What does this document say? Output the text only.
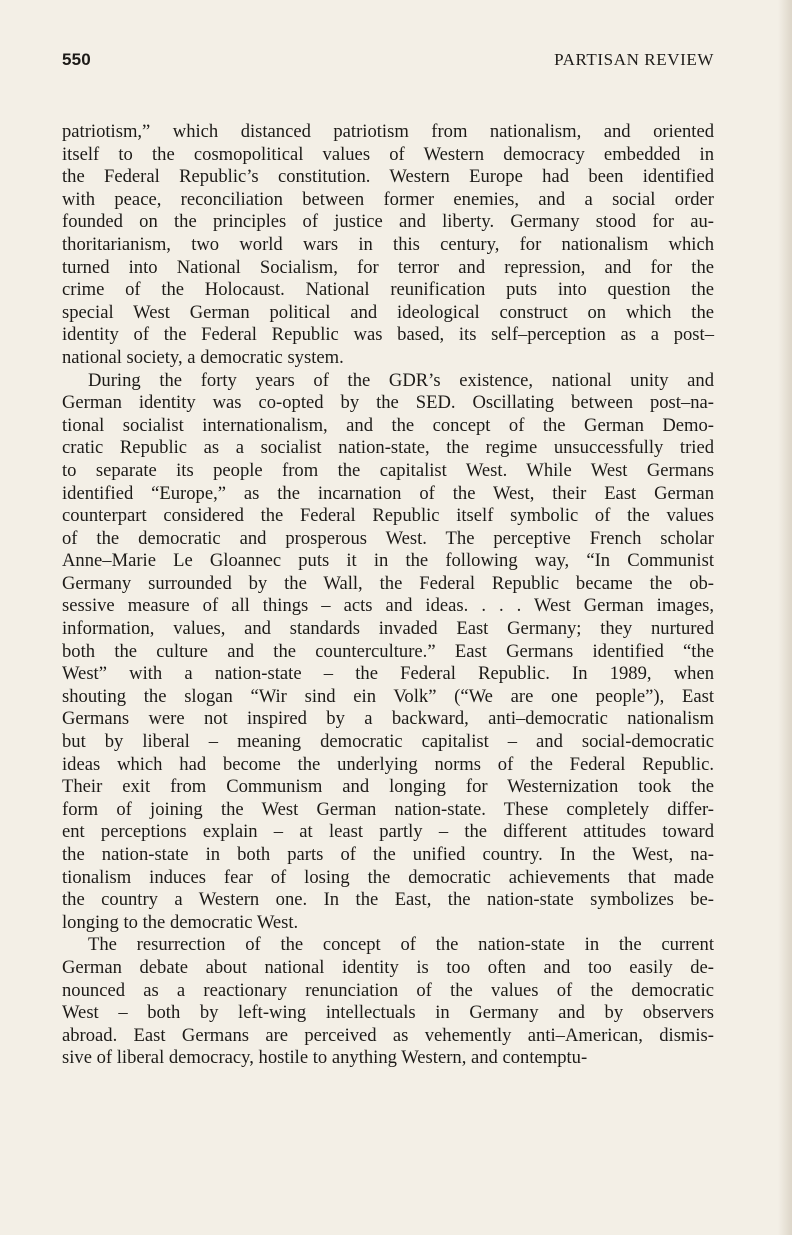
550	PARTISAN REVIEW
patriotism,” which distanced patriotism from nationalism, and oriented
itself to the cosmopolitical values of Western democracy embedded in
the Federal Republic’s constitution. Western Europe had been identified
with peace, reconciliation between former enemies, and a social order
founded on the principles of justice and liberty. Germany stood for au-
thoritarianism, two world wars in this century, for nationalism which
turned into National Socialism, for terror and repression, and for the
crime of the Holocaust. National reunification puts into question the
special West German political and ideological construct on which the
identity of the Federal Republic was based, its self–perception as a post–
national society, a democratic system.
During the forty years of the GDR’s existence, national unity and
German identity was co-opted by the SED. Oscillating between post–na-
tional socialist internationalism, and the concept of the German Demo-
cratic Republic as a socialist nation-state, the regime unsuccessfully tried
to separate its people from the capitalist West. While West Germans
identified “Europe,” as the incarnation of the West, their East German
counterpart considered the Federal Republic itself symbolic of the values
of the democratic and prosperous West. The perceptive French scholar
Anne–Marie Le Gloannec puts it in the following way, “In Communist
Germany surrounded by the Wall, the Federal Republic became the ob-
sessive measure of all things – acts and ideas. . . . West German images,
information, values, and standards invaded East Germany; they nurtured
both the culture and the counterculture.” East Germans identified “the
West” with a nation-state – the Federal Republic. In 1989, when
shouting the slogan “Wir sind ein Volk” (“We are one people”), East
Germans were not inspired by a backward, anti–democratic nationalism
but by liberal – meaning democratic capitalist – and social-democratic
ideas which had become the underlying norms of the Federal Republic.
Their exit from Communism and longing for Westernization took the
form of joining the West German nation-state. These completely differ-
ent perceptions explain – at least partly – the different attitudes toward
the nation-state in both parts of the unified country. In the West, na-
tionalism induces fear of losing the democratic achievements that made
the country a Western one. In the East, the nation-state symbolizes be-
longing to the democratic West.
The resurrection of the concept of the nation-state in the current
German debate about national identity is too often and too easily de-
nounced as a reactionary renunciation of the values of the democratic
West – both by left-wing intellectuals in Germany and by observers
abroad. East Germans are perceived as vehemently anti–American, dismis-
sive of liberal democracy, hostile to anything Western, and contemptu-
